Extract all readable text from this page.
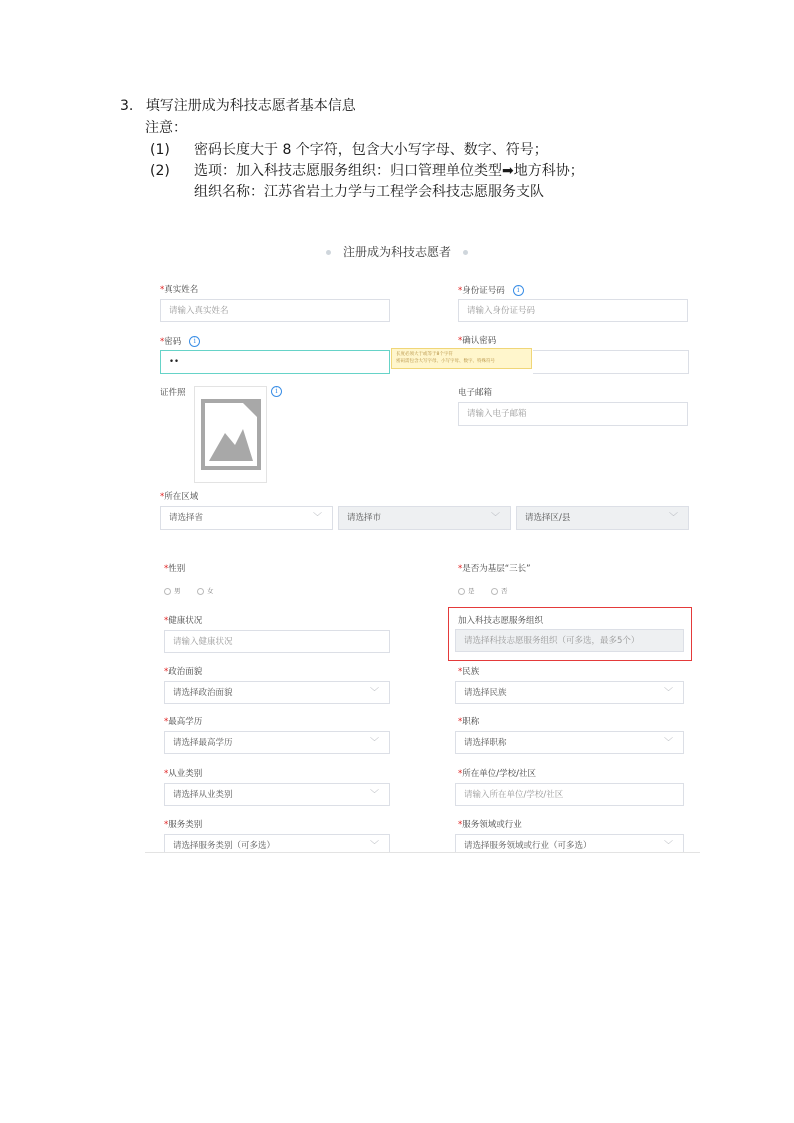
3. 填写注册成为科技志愿者基本信息
注意：
(1) 密码长度大于 8 个字符，包含大小写字母、数字、符号；
(2) 选项：加入科技志愿服务组织：归口管理单位类型➡地方科协；
组织名称：江苏省岩土力学与工程学会科技志愿服务支队
注册成为科技志愿者
*真实姓名
请输入真实姓名
*身份证号码 i
请输入身份证号码
*密码 i
••
长度必须大于或等于8个字符
密码需包含大写字母、小写字母、数字、特殊符号
*确认密码
证件照	i	电子邮箱
请输入电子邮箱
*所在区域
请选择省	﹀	请选择市	﹀	请选择区/县	﹀
*性别
男	女
*是否为基层“三长”
是	否
*健康状况
请输入健康状况
加入科技志愿服务组织
请选择科技志愿服务组织（可多选，最多5个）
*政治面貌
请选择政治面貌	﹀
*民族
请选择民族	﹀
*最高学历
请选择最高学历	﹀
*职称
请选择职称	﹀
*从业类别
请选择从业类别	﹀
*所在单位/学校/社区
请输入所在单位/学校/社区
*服务类别
请选择服务类别（可多选）	﹀
*服务领域或行业
请选择服务领域或行业（可多选）	﹀
